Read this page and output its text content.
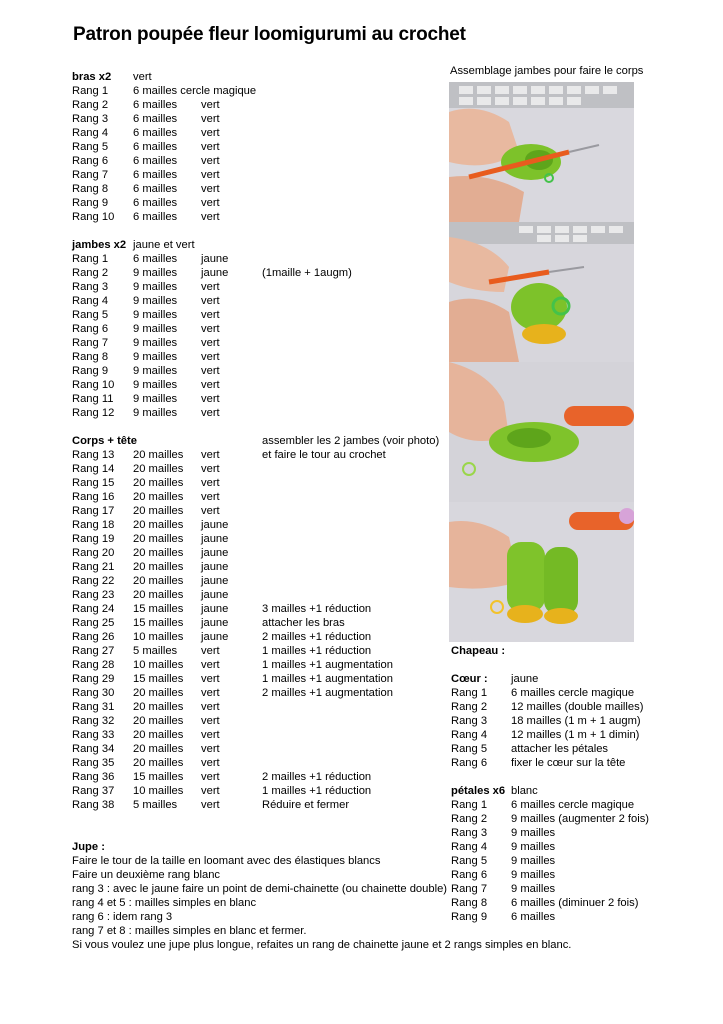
Patron poupée fleur loomigurumi au crochet
bras x2 vert
Rang 1 6 mailles cercle magique
Rang 2 6 mailles vert
Rang 3 6 mailles vert
Rang 4 6 mailles vert
Rang 5 6 mailles vert
Rang 6 6 mailles vert
Rang 7 6 mailles vert
Rang 8 6 mailles vert
Rang 9 6 mailles vert
Rang 10 6 mailles vert
jambes x2 jaune et vert
Rang 1 6 mailles jaune
Rang 2 9 mailles jaune	(1maille + 1augm)
Rang 3 9 mailles vert
Rang 4 9 mailles vert
Rang 5 9 mailles vert
Rang 6 9 mailles vert
Rang 7 9 mailles vert
Rang 8 9 mailles vert
Rang 9 9 mailles vert
Rang 10 9 mailles vert
Rang 11 9 mailles vert
Rang 12 9 mailles vert
Corps + tête	assembler les 2 jambes (voir photo)
Rang 13 20 mailles vert	et faire le tour au crochet
Rang 14 20 mailles vert
Rang 15 20 mailles vert
Rang 16 20 mailles vert
Rang 17 20 mailles vert
Rang 18 20 mailles jaune
Rang 19 20 mailles jaune
Rang 20 20 mailles jaune
Rang 21 20 mailles jaune
Rang 22 20 mailles jaune
Rang 23 20 mailles jaune
Rang 24 15 mailles jaune	3 mailles +1 réduction
Rang 25 15 mailles jaune	attacher les bras
Rang 26 10 mailles jaune	2 mailles +1 réduction
Rang 27 5 mailles vert	1 mailles +1 réduction
Rang 28 10 mailles vert	1 mailles +1 augmentation
Rang 29 15 mailles vert	1 mailles +1 augmentation
Rang 30 20 mailles vert	2 mailles +1 augmentation
Rang 31 20 mailles vert
Rang 32 20 mailles vert
Rang 33 20 mailles vert
Rang 34 20 mailles vert
Rang 35 20 mailles vert
Rang 36 15 mailles vert	2 mailles +1 réduction
Rang 37 10 mailles vert	1 mailles +1 réduction
Rang 38 5 mailles vert	Réduire et fermer
Jupe :
Faire le tour de la taille en loomant avec des élastiques blancs
Faire un deuxième rang blanc
rang 3 : avec le jaune faire un point de demi-chainette (ou chainette double)
rang 4 et 5 : mailles simples en blanc
rang 6 : idem rang 3
rang 7 et 8 : mailles simples en blanc et fermer.
Si vous voulez une jupe plus longue, refaites un rang de chainette jaune et 2 rangs simples en blanc.
Assemblage jambes pour faire le corps
Chapeau :
Cœur : jaune
Rang 1 6 mailles cercle magique
Rang 2 12 mailles (double mailles)
Rang 3 18 mailles (1 m + 1 augm)
Rang 4 12 mailles (1 m + 1 dimin)
Rang 5 attacher les pétales
Rang 6 fixer le cœur sur la tête
pétales x6 blanc
Rang 1 6 mailles cercle magique
Rang 2 9 mailles (augmenter 2 fois)
Rang 3 9 mailles
Rang 4 9 mailles
Rang 5 9 mailles
Rang 6 9 mailles
Rang 7 9 mailles
Rang 8 6 mailles (diminuer 2 fois)
Rang 9 6 mailles
